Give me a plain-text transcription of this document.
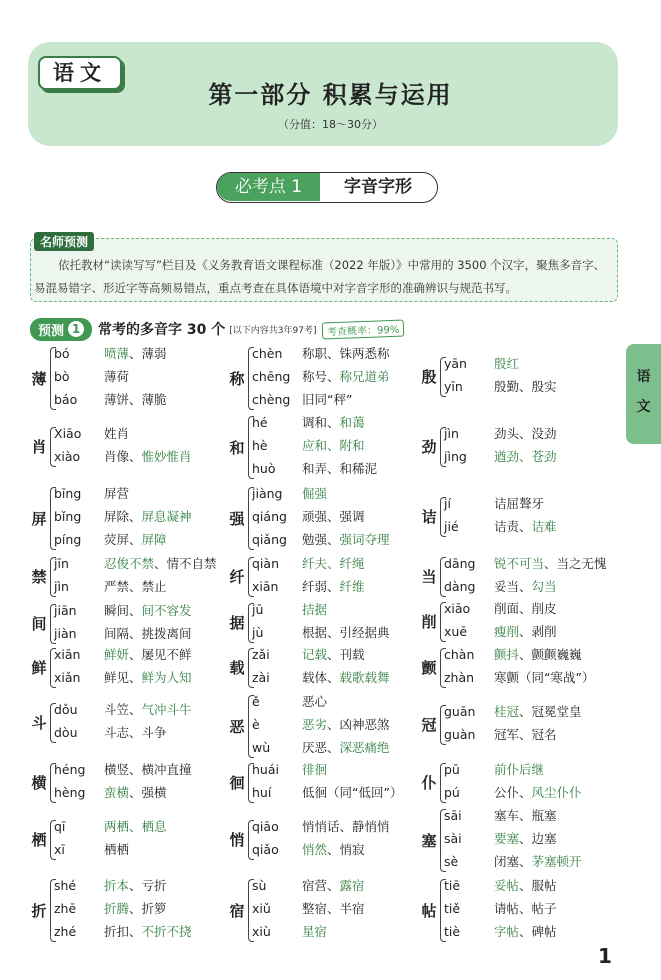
语文
第一部分 积累与运用
（分值：18～30分）
必考点 1	字音字形
名师预测
依托教材“读读写写”栏目及《义务教育语文课程标准（2022 年版）》中常用的 3500 个汉字，聚焦多音字、易混易错字、形近字等高频易错点，重点考查在具体语境中对字音字形的准确辨识与规范书写。
预测 1 常考的多音字 30 个 [以下内容共3年97考]	考查概率：99%
薄
bó	喷薄、薄弱
bò	薄荷
báo 薄饼、薄脆
肖
Xiāo 姓肖
xiào 肖像、惟妙惟肖
屏
bīng 屏营
bǐng 屏除、屏息凝神
píng 荧屏、屏障
禁
jīn	忍俊不禁、情不自禁
jìn	严禁、禁止
间
jiān 瞬间、间不容发
jiàn 间隔、挑拨离间
鲜
xiān 鲜妍、屡见不鲜
xiǎn 鲜见、鲜为人知
斗
dǒu 斗笠、气冲斗牛
dòu 斗志、斗争
横
héng 横竖、横冲直撞
hèng 蛮横、强横
栖
qī	两栖、栖息
xī	栖栖
折
shé 折本、亏折
zhē 折腾、折箩
zhé 折扣、不折不挠
称
chèn 称职、铢两悉称
chēng 称号、称兄道弟
chèng 旧同“秤”
和
hé	调和、和蔼
hè	应和、附和
huò 和弄、和稀泥
强
jiàng 倔强
qiáng 顽强、强调
qiǎng 勉强、强词夺理
纤
qiàn 纤夫、纤绳
xiān 纤弱、纤维
据
jū	拮据
jù	根据、引经据典
载
zǎi	记载、刊载
zài	载体、载歌载舞
恶
ě	恶心
è	恶劣、凶神恶煞
wù	厌恶、深恶痛绝
徊
huái 徘徊
huí 低徊（同“低回”）
悄
qiāo 悄悄话、静悄悄
qiǎo 悄然、悄寂
宿
sù	宿营、露宿
xiǔ 整宿、半宿
xiù 星宿
殷
yān 殷红
yīn 殷勤、殷实
劲
jìn	劲头、没劲
jìng 遒劲、苍劲
诘
jí	诘屈聱牙
jié	诘责、诘难
当
dāng 锐不可当、当之无愧
dàng 妥当、勾当
削
xiāo 削面、削皮
xuē 瘦削、剥削
颤
chàn 颤抖、颤颤巍巍
zhàn 寒颤（同“寒战”）
冠
guān 桂冠、冠冕堂皇
guàn 冠军、冠名
仆
pū	前仆后继
pú	公仆、风尘仆仆
塞
sāi	塞车、瓶塞
sài	要塞、边塞
sè	闭塞、茅塞顿开
帖
tiē	妥帖、服帖
tiě	请帖、帖子
tiè	字帖、碑帖
语
文
1
